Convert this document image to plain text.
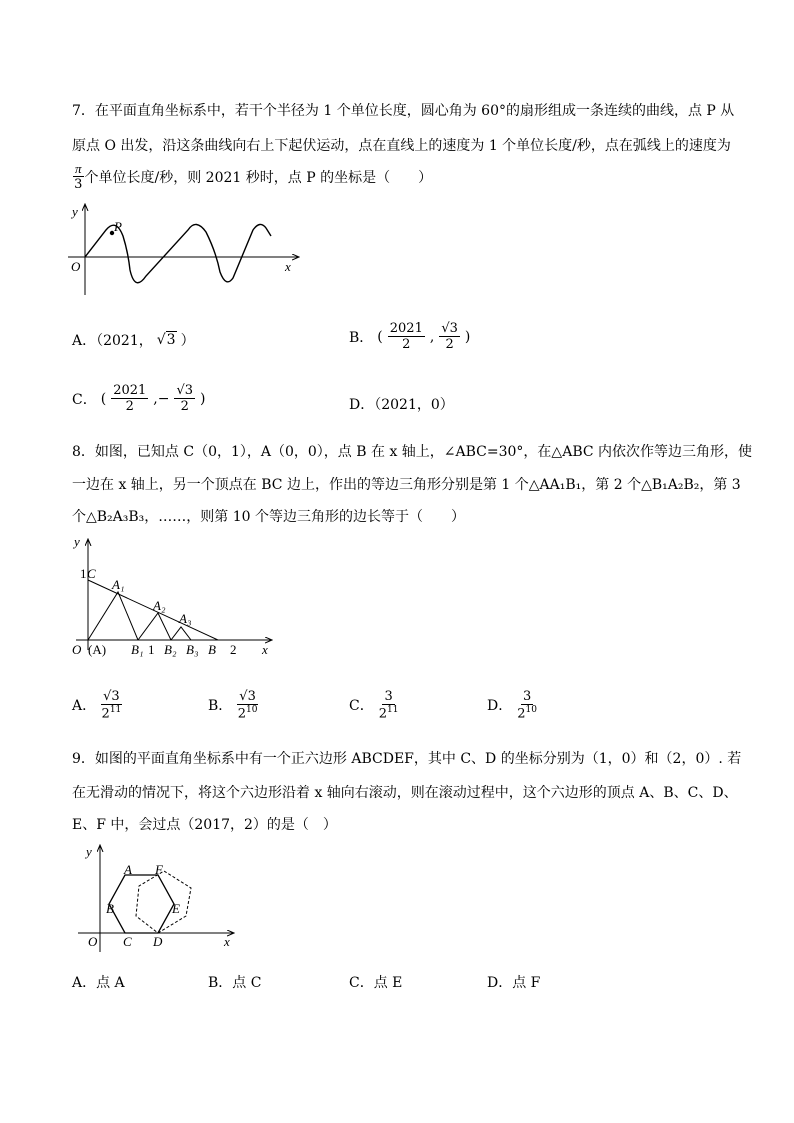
7．在平面直角坐标系中，若干个半径为 1 个单位长度，圆心角为 60°的扇形组成一条连续的曲线，点 P 从
原点 O 出发，沿这条曲线向右上下起伏运动，点在直线上的速度为 1 个单位长度/秒，点在弧线上的速度为
$\frac{\pi}{3}$ 个单位长度/秒，则 2021 秒时，点 P 的坐标是（　　）
y
x
O
P
A．（2021， √3 ）	B． ( $\frac{2021}{2}$ , $\frac{√3}{2}$ )
C． ( $\frac{2021}{2}$ ,− $\frac{√3}{2}$ )	D．（2021，0）
8．如图，已知点 C（0，1），A（0，0），点 B 在 x 轴上，∠ABC=30°，在△ABC 内依次作等边三角形，使
一边在 x 轴上，另一个顶点在 BC 边上，作出的等边三角形分别是第 1 个△AA₁B₁，第 2 个△B₁A₂B₂，第 3
个△B₂A₃B₃，……，则第 10 个等边三角形的边长等于（　　）
y
x
1 C
O (A)
A₁
A₂
A₃
B₁ 1 B₂ B₃ B 2
A． $\frac{√3}{2^{11}}$	B． $\frac{√3}{2^{10}}$	C． $\frac{3}{2^{11}}$	D． $\frac{3}{2^{10}}$
9．如图的平面直角坐标系中有一个正六边形 ABCDEF，其中 C、D 的坐标分别为（1，0）和（2，0）. 若
在无滑动的情况下，将这个六边形沿着 x 轴向右滚动，则在滚动过程中，这个六边形的顶点 A、B、C、D、
E、F 中，会过点（2017，2）的是（　）
y
x
O
A
B
C D
E
F
A．点 A	B．点 C	C．点 E	D．点 F
